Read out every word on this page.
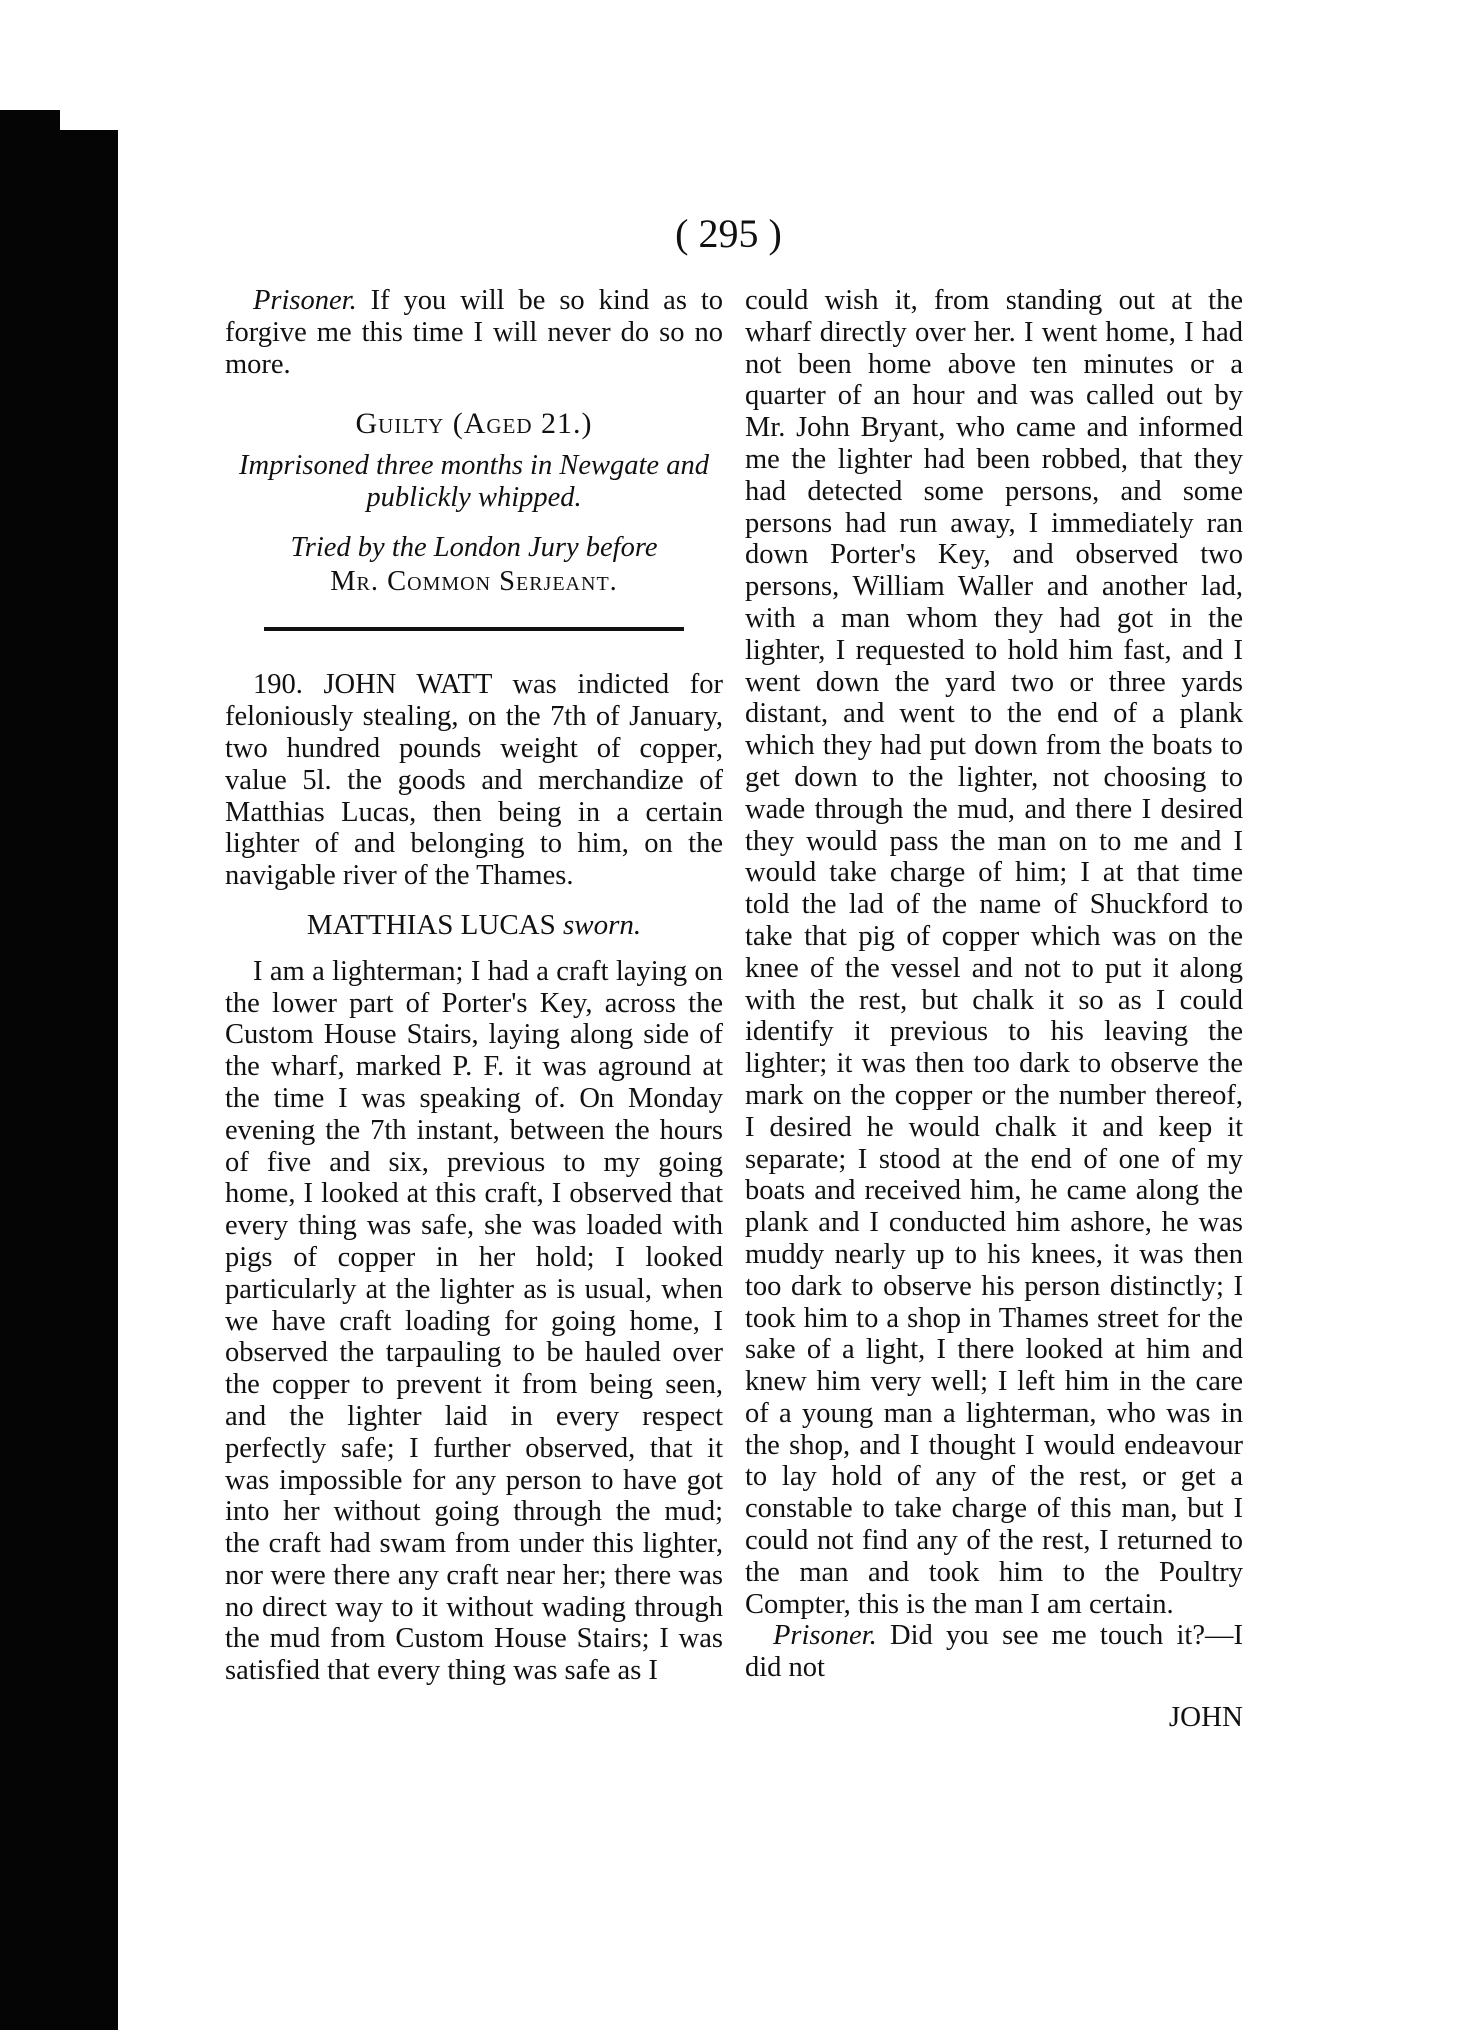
( 295 )

Prisoner. If you will be so kind as to forgive me this time I will never do so no more.

Guilty (Aged 21.)

Imprisoned three months in Newgate and publickly whipped.

Tried by the London Jury before

Mr. Common Serjeant.

190. JOHN WATT was indicted for feloniously stealing, on the 7th of January, two hundred pounds weight of copper, value 5l. the goods and merchandize of Matthias Lucas, then being in a certain lighter of and belonging to him, on the navigable river of the Thames.

MATTHIAS LUCAS sworn.

I am a lighterman; I had a craft laying on the lower part of Porter's Key, across the Custom House Stairs, laying along side of the wharf, marked P. F. it was aground at the time I was speaking of. On Monday evening the 7th instant, between the hours of five and six, previous to my going home, I looked at this craft, I observed that every thing was safe, she was loaded with pigs of copper in her hold; I looked particularly at the lighter as is usual, when we have craft loading for going home, I observed the tarpauling to be hauled over the copper to prevent it from being seen, and the lighter laid in every respect perfectly safe; I further observed, that it was impossible for any person to have got into her without going through the mud; the craft had swam from under this lighter, nor were there any craft near her; there was no direct way to it without wading through the mud from Custom House Stairs; I was satisfied that every thing was safe as I

could wish it, from standing out at the wharf directly over her. I went home, I had not been home above ten minutes or a quarter of an hour and was called out by Mr. John Bryant, who came and informed me the lighter had been robbed, that they had detected some persons, and some persons had run away, I immediately ran down Porter's Key, and observed two persons, William Waller and another lad, with a man whom they had got in the lighter, I requested to hold him fast, and I went down the yard two or three yards distant, and went to the end of a plank which they had put down from the boats to get down to the lighter, not choosing to wade through the mud, and there I desired they would pass the man on to me and I would take charge of him; I at that time told the lad of the name of Shuckford to take that pig of copper which was on the knee of the vessel and not to put it along with the rest, but chalk it so as I could identify it previous to his leaving the lighter; it was then too dark to observe the mark on the copper or the number thereof, I desired he would chalk it and keep it separate; I stood at the end of one of my boats and received him, he came along the plank and I conducted him ashore, he was muddy nearly up to his knees, it was then too dark to observe his person distinctly; I took him to a shop in Thames street for the sake of a light, I there looked at him and knew him very well; I left him in the care of a young man a lighterman, who was in the shop, and I thought I would endeavour to lay hold of any of the rest, or get a constable to take charge of this man, but I could not find any of the rest, I returned to the man and took him to the Poultry Compter, this is the man I am certain.

Prisoner. Did you see me touch it?—I did not

JOHN
